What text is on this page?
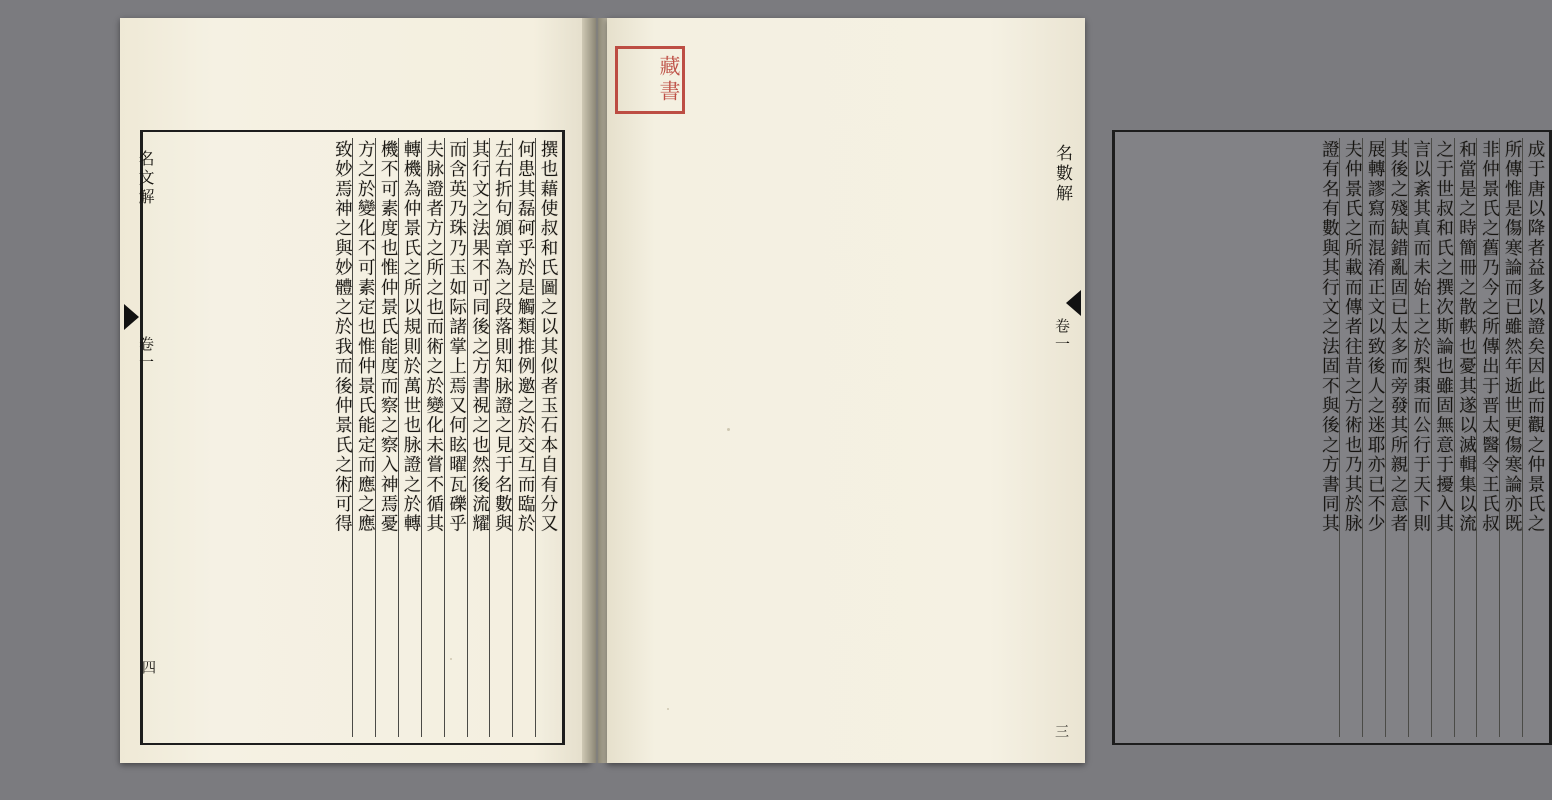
撰也藉使叔和氏圖之以其似者玉石本自有分又
何患其磊砢乎於是觸類推例邀之於交互而臨於
左右折句頒章為之段落則知脉證之見于名數與
其行文之法果不可同後之方書視之也然後流耀
而含英乃珠乃玉如际諸掌上焉又何眩曜瓦礫乎
夫脉證者方之所之也而術之於變化未嘗不循其
轉機為仲景氏之所以規則於萬世也脉證之於轉
機不可素度也惟仲景氏能度而察之察入神焉憂
方之於變化不可素定也惟仲景氏能定而應之應
致妙焉神之與妙體之於我而後仲景氏之術可得
名文解
卷一
四
成于唐以降者益多以證矣因此而觀之仲景氏之
所傳惟是傷寒論而已雖然年逝世更傷寒論亦既
非仲景氏之舊乃今之所傳出于晋太醫令王氏叔
和當是之時簡冊之散軼也憂其遂以滅輯集以流
之于世叔和氏之撰次斯論也雖固無意于擾入其
言以紊其真而未始上之於梨棗而公行于天下則
其後之殘缺錯亂固已太多而旁發其所親之意者
展轉謬寫而混淆正文以致後人之迷耶亦已不少
夫仲景氏之所載而傳者往昔之方術也乃其於脉
證有名有數與其行文之法固不與後之方書同其
名數解
卷一
三
藏書
